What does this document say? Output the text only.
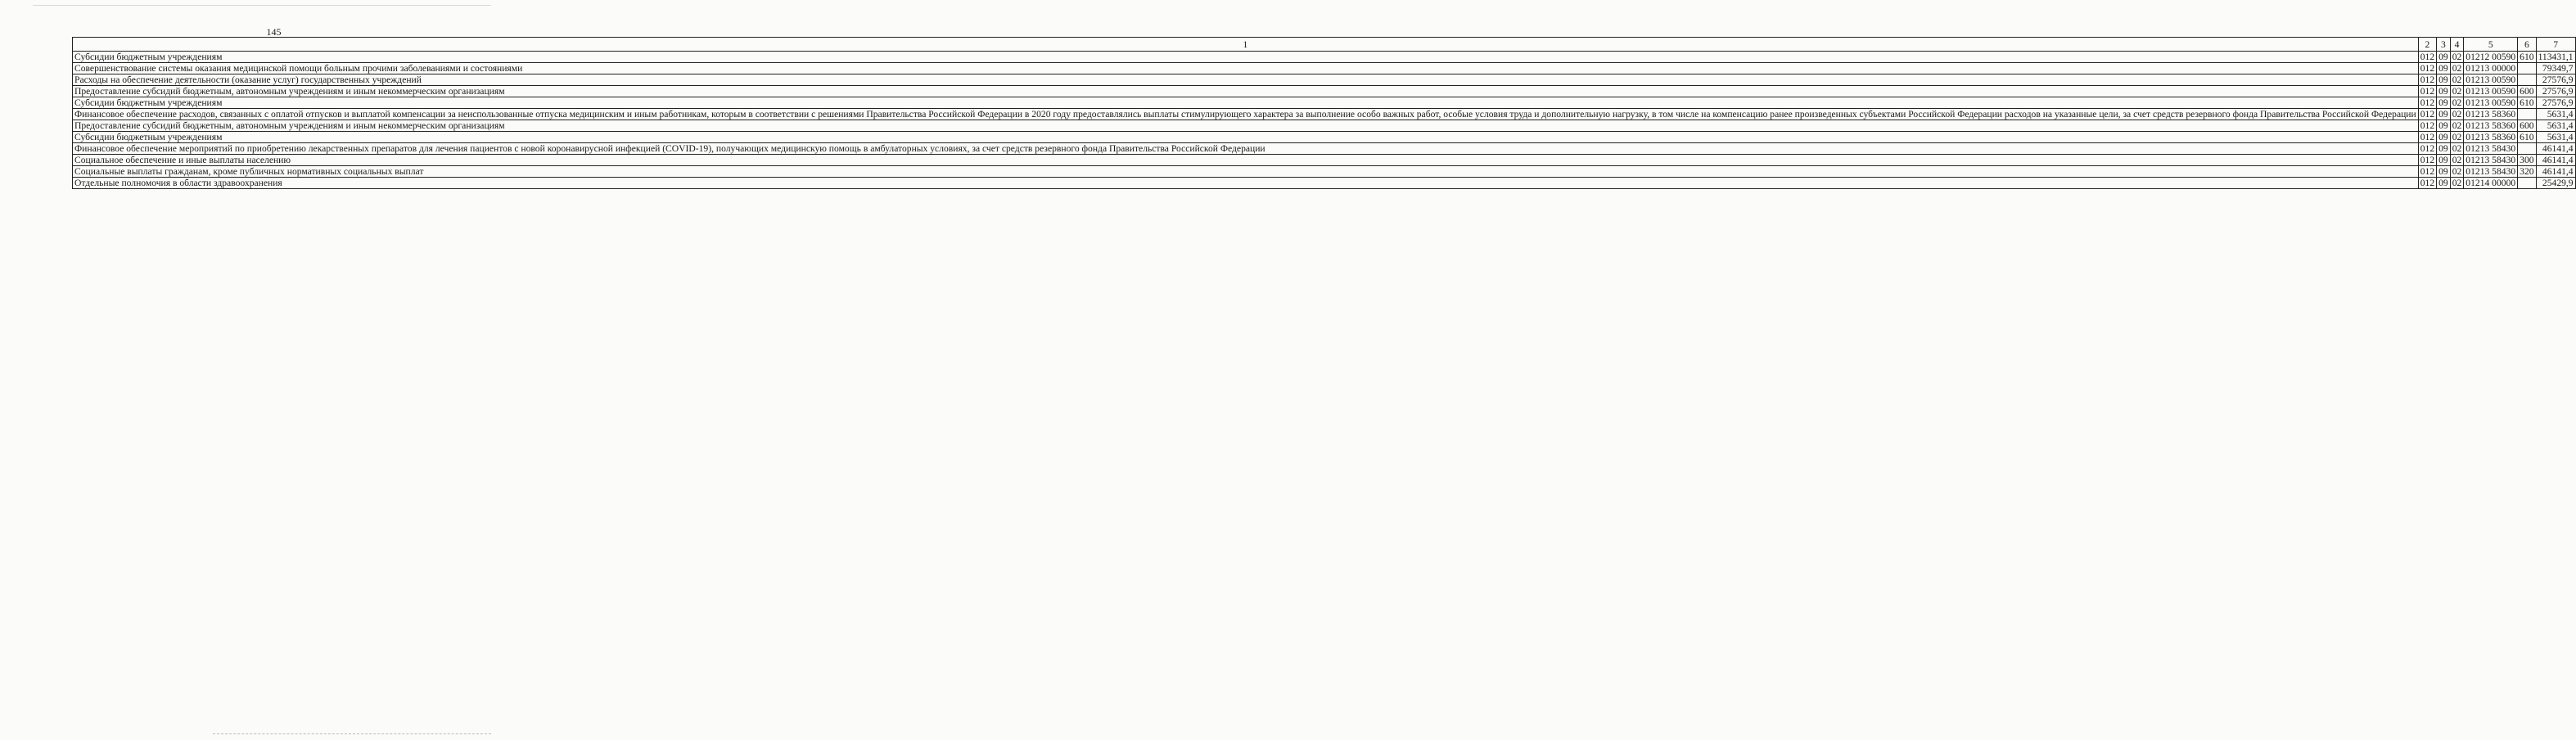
145
1	2	3	4	5	6	7
Субсидии бюджетным учреждениям	012	09	02	01212 00590	610	113431,1
Совершенствование системы оказания медицинской помощи больным прочими заболеваниями и состояниями	012	09	02	01213 00000		79349,7
Расходы на обеспечение деятельности (оказание услуг) государственных учреждений	012	09	02	01213 00590		27576,9
Предоставление субсидий бюджетным, автономным учреждениям и иным некоммерческим организациям	012	09	02	01213 00590	600	27576,9
Субсидии бюджетным учреждениям	012	09	02	01213 00590	610	27576,9
Финансовое обеспечение расходов, связанных с оплатой отпусков и выплатой компенсации за неиспользованные отпуска медицинским и иным работникам, которым в соответствии с решениями Правительства Российской Федерации в 2020 году предоставлялись выплаты стимулирующего характера за выполнение особо важных работ, особые условия труда и дополнительную нагрузку, в том числе на компенсацию ранее произведенных субъектами Российской Федерации расходов на указанные цели, за счет средств резервного фонда Правительства Российской Федерации	012	09	02	01213 58360		5631,4
Предоставление субсидий бюджетным, автономным учреждениям и иным некоммерческим организациям	012	09	02	01213 58360	600	5631,4
Субсидии бюджетным учреждениям	012	09	02	01213 58360	610	5631,4
Финансовое обеспечение мероприятий по приобретению лекарственных препаратов для лечения пациентов с новой коронавирусной инфекцией (COVID-19), получающих медицинскую помощь в амбулаторных условиях, за счет средств резервного фонда Правительства Российской Федерации	012	09	02	01213 58430		46141,4
Социальное обеспечение и иные выплаты населению	012	09	02	01213 58430	300	46141,4
Социальные выплаты гражданам, кроме публичных нормативных социальных выплат	012	09	02	01213 58430	320	46141,4
Отдельные полномочия в области здравоохранения	012	09	02	01214 00000		25429,9
